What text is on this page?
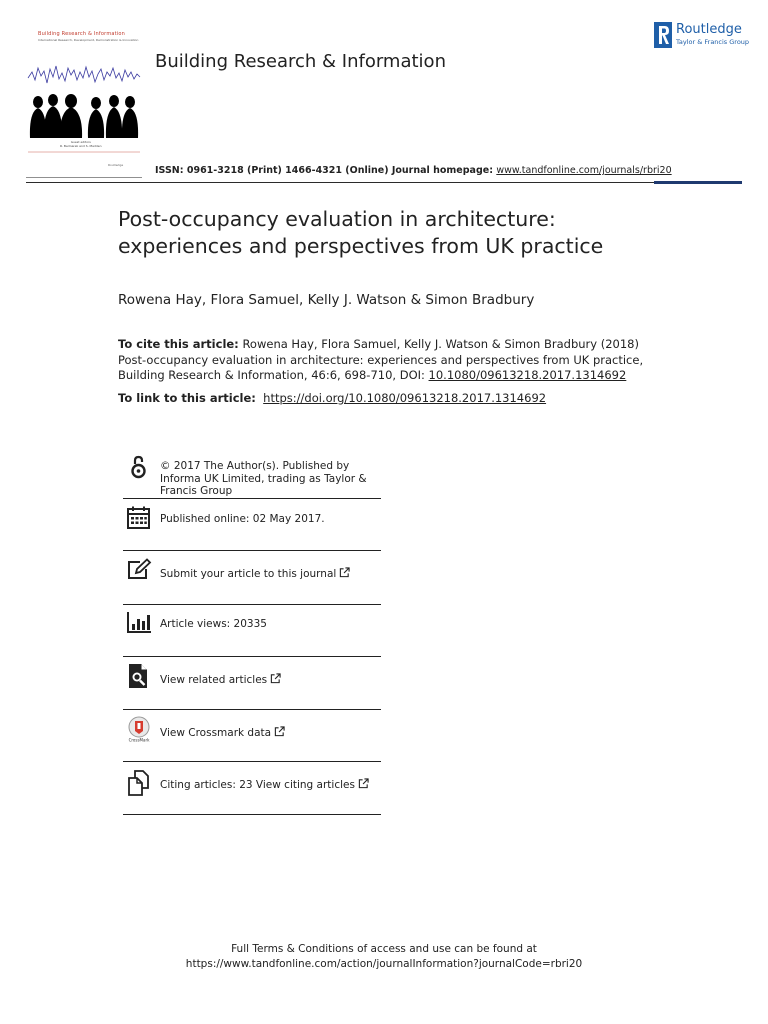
Building Research & Information
International Research, Development, Demonstration & Innovation
Guest editors
R. Bednarek and S. Madden
Routledge
Building Research & Information
Routledge
Taylor & Francis Group
ISSN: 0961-3218 (Print) 1466-4321 (Online) Journal homepage: www.tandfonline.com/journals/rbri20
Post-occupancy evaluation in architecture: experiences and perspectives from UK practice
Rowena Hay, Flora Samuel, Kelly J. Watson & Simon Bradbury
To cite this article: Rowena Hay, Flora Samuel, Kelly J. Watson & Simon Bradbury (2018) Post-occupancy evaluation in architecture: experiences and perspectives from UK practice, Building Research & Information, 46:6, 698-710, DOI: 10.1080/09613218.2017.1314692
To link to this article: https://doi.org/10.1080/09613218.2017.1314692
© 2017 The Author(s). Published by Informa UK Limited, trading as Taylor & Francis Group
Published online: 02 May 2017.
Submit your article to this journal
Article views: 20335
View related articles
CrossMark
View Crossmark data
Citing articles: 23 View citing articles
Full Terms & Conditions of access and use can be found at
https://www.tandfonline.com/action/journalInformation?journalCode=rbri20
